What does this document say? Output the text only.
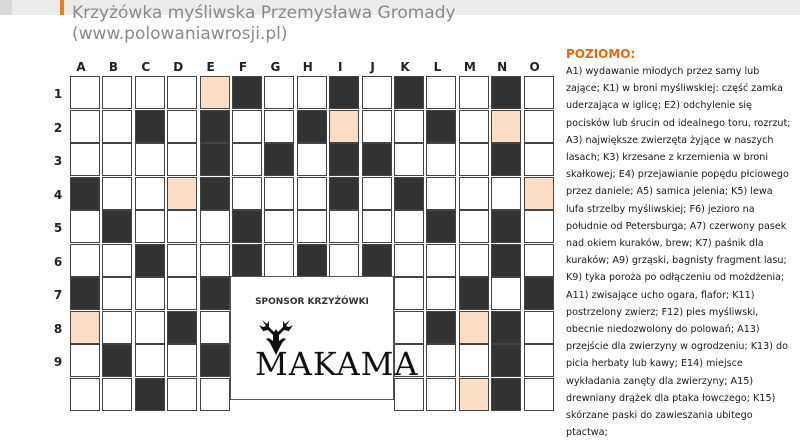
Krzyżówka myśliwska Przemysława Gromady
(www.polowaniawrosji.pl)
A	B	C	D	E	F	G	H	I	J	K	L	M	N	O
1
2
3
4
5
6
7
8
9
SPONSOR KRZYŻÓWKI
MAKAMA
POZIOMO:
A1) wydawanie młodych przez samy lub zające; K1) w broni myśliwskiej: część zamka uderzająca w iglicę; E2) odchylenie się pocisków lub śrucin od idealnego toru, rozrzut; A3) największe zwierzęta żyjące w naszych lasach; K3) krzesane z krzemienia w broni skałkowej; E4) przejawianie popędu płciowego przez daniele; A5) samica jelenia; K5) lewa lufa strzelby myśliwskiej; F6) jezioro na południe od Petersburga; A7) czerwony pasek nad okiem kuraków, brew; K7) paśnik dla kuraków; A9) grząski, bagnisty fragment lasu; K9) tyka poroża po odłączeniu od możdżenia; A11) zwisające ucho ogara, flafor; K11) postrzelony zwierz; F12) pies myśliwski, obecnie niedozwolony do polowań; A13) przejście dla zwierzyny w ogrodzeniu; K13) do picia herbaty lub kawy; E14) miejsce wykładania zanęty dla zwierzyny; A15) drewniany drążek dla ptaka łowczego; K15) skórzane paski do zawieszania ubitego ptactwa;
